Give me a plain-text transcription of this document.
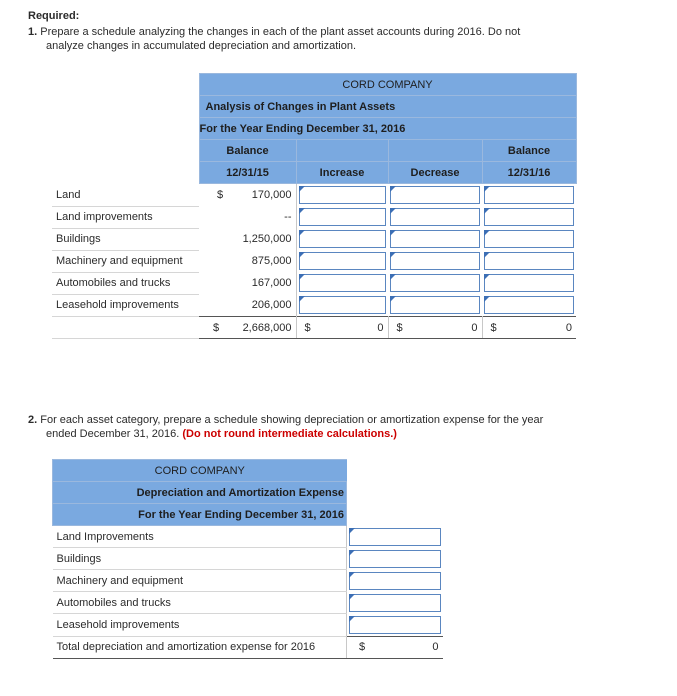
Required:
1. Prepare a schedule analyzing the changes in each of the plant asset accounts during 2016. Do not
analyze changes in accumulated depreciation and amortization.
	CORD COMPANY			
	Analysis of Changes in Plant Assets			
	For the Year Ending December 31, 2016			
	Balance			Balance
	12/31/15	Increase	Decrease	12/31/16
Land	$ 170,000	

Land improvements	--	

Buildings	1,250,000	

Machinery and equipment	875,000	

Automobiles and trucks	167,000	

Leasehold improvements	206,000	

	$ 2,668,000	$ 0	$ 0	$ 0
2. For each asset category, prepare a schedule showing depreciation or amortization expense for the year
ended December 31, 2016. (Do not round intermediate calculations.)
CORD COMPANY	
Depreciation and Amortization Expense	
For the Year Ending December 31, 2016	
Land Improvements	

Buildings	

Machinery and equipment	

Automobiles and trucks	

Leasehold improvements	

Total depreciation and amortization expense for 2016	$ 0
